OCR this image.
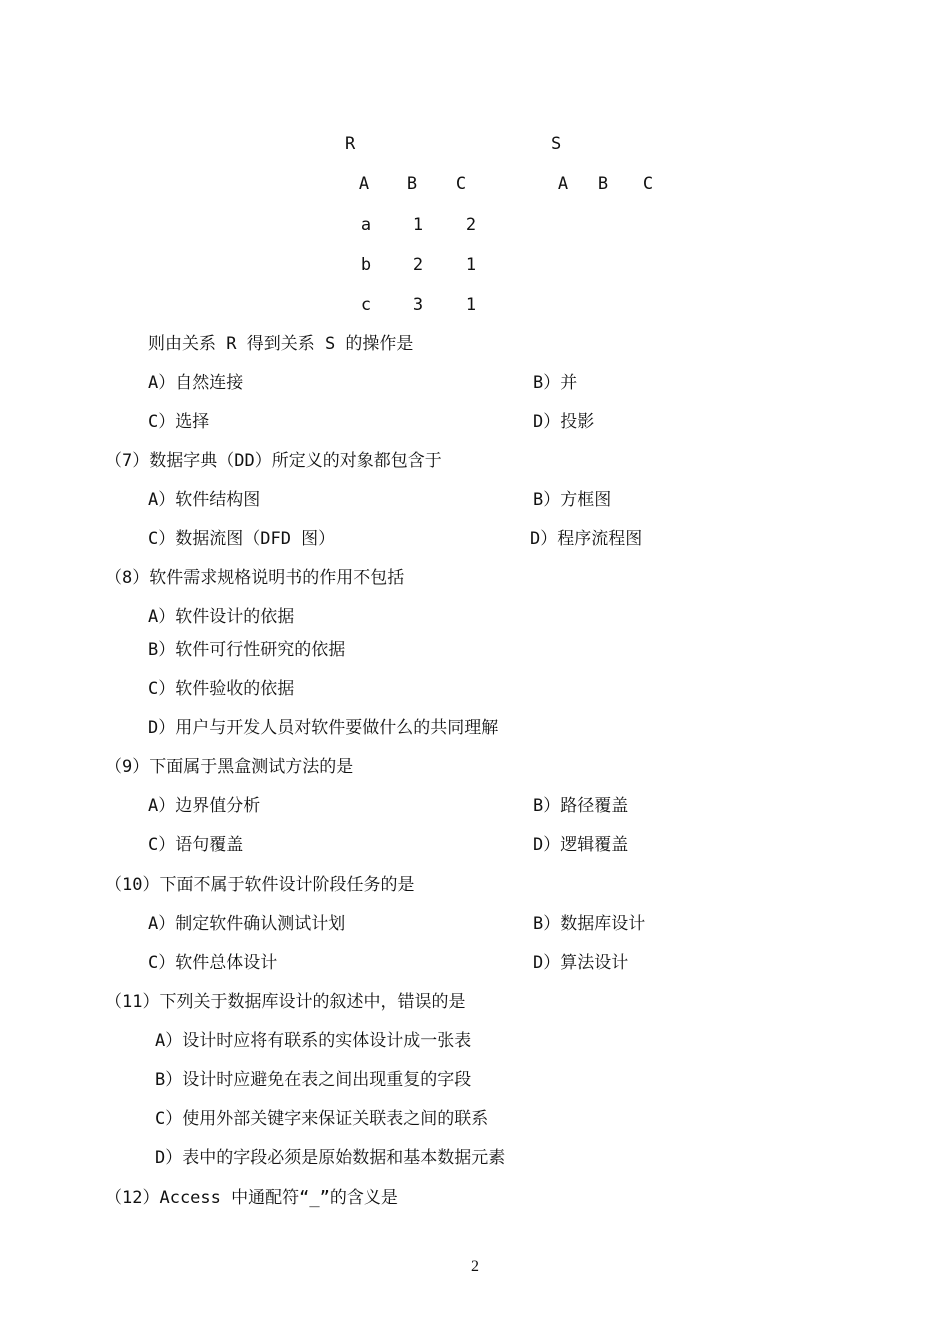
R
A	B	C
a	1	2
b	2	1
c	3	1
S
A	B	C
则由关系 R 得到关系 S 的操作是
A）自然连接	B）并
C）选择	D）投影
（7）数据字典（DD）所定义的对象都包含于
A）软件结构图	B）方框图
C）数据流图（DFD 图）	D）程序流程图
（8）软件需求规格说明书的作用不包括
A）软件设计的依据
B）软件可行性研究的依据
C）软件验收的依据
D）用户与开发人员对软件要做什么的共同理解
（9）下面属于黑盒测试方法的是
A）边界值分析	B）路径覆盖
C）语句覆盖	D）逻辑覆盖
（10）下面不属于软件设计阶段任务的是
A）制定软件确认测试计划	B）数据库设计
C）软件总体设计	D）算法设计
（11）下列关于数据库设计的叙述中，错误的是
A）设计时应将有联系的实体设计成一张表
B）设计时应避免在表之间出现重复的字段
C）使用外部关键字来保证关联表之间的联系
D）表中的字段必须是原始数据和基本数据元素
（12）Access 中通配符“_”的含义是
2
